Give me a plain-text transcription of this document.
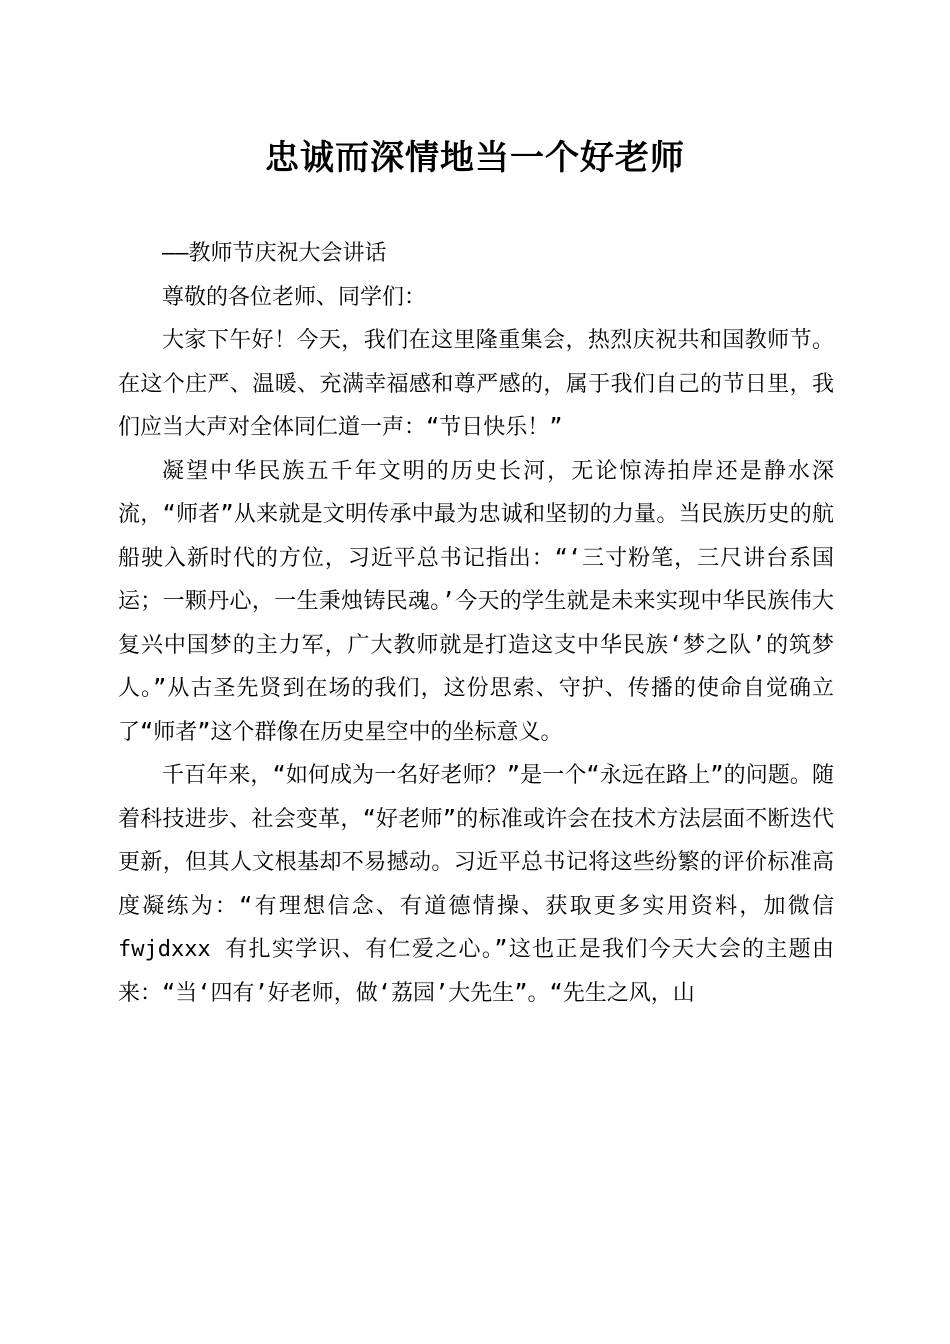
忠诚而深情地当一个好老师

——教师节庆祝大会讲话

尊敬的各位老师、同学们：

大家下午好！今天，我们在这里隆重集会，热烈庆祝共和国教师节。在这个庄严、温暖、充满幸福感和尊严感的，属于我们自己的节日里，我们应当大声对全体同仁道一声：“节日快乐！”

凝望中华民族五千年文明的历史长河，无论惊涛拍岸还是静水深流，“师者”从来就是文明传承中最为忠诚和坚韧的力量。当民族历史的航船驶入新时代的方位，习近平总书记指出：“‘三寸粉笔，三尺讲台系国运；一颗丹心，一生秉烛铸民魂。’今天的学生就是未来实现中华民族伟大复兴中国梦的主力军，广大教师就是打造这支中华民族‘梦之队’的筑梦人。”从古圣先贤到在场的我们，这份思索、守护、传播的使命自觉确立了“师者”这个群像在历史星空中的坐标意义。

千百年来，“如何成为一名好老师？”是一个“永远在路上”的问题。随着科技进步、社会变革，“好老师”的标准或许会在技术方法层面不断迭代更新，但其人文根基却不易撼动。习近平总书记将这些纷繁的评价标准高度凝练为：“有理想信念、有道德情操、获取更多实用资料，加微信 fwjdxxx 有扎实学识、有仁爱之心。”这也正是我们今天大会的主题由来：“当‘四有’好老师，做‘荔园’大先生”。“先生之风，山
